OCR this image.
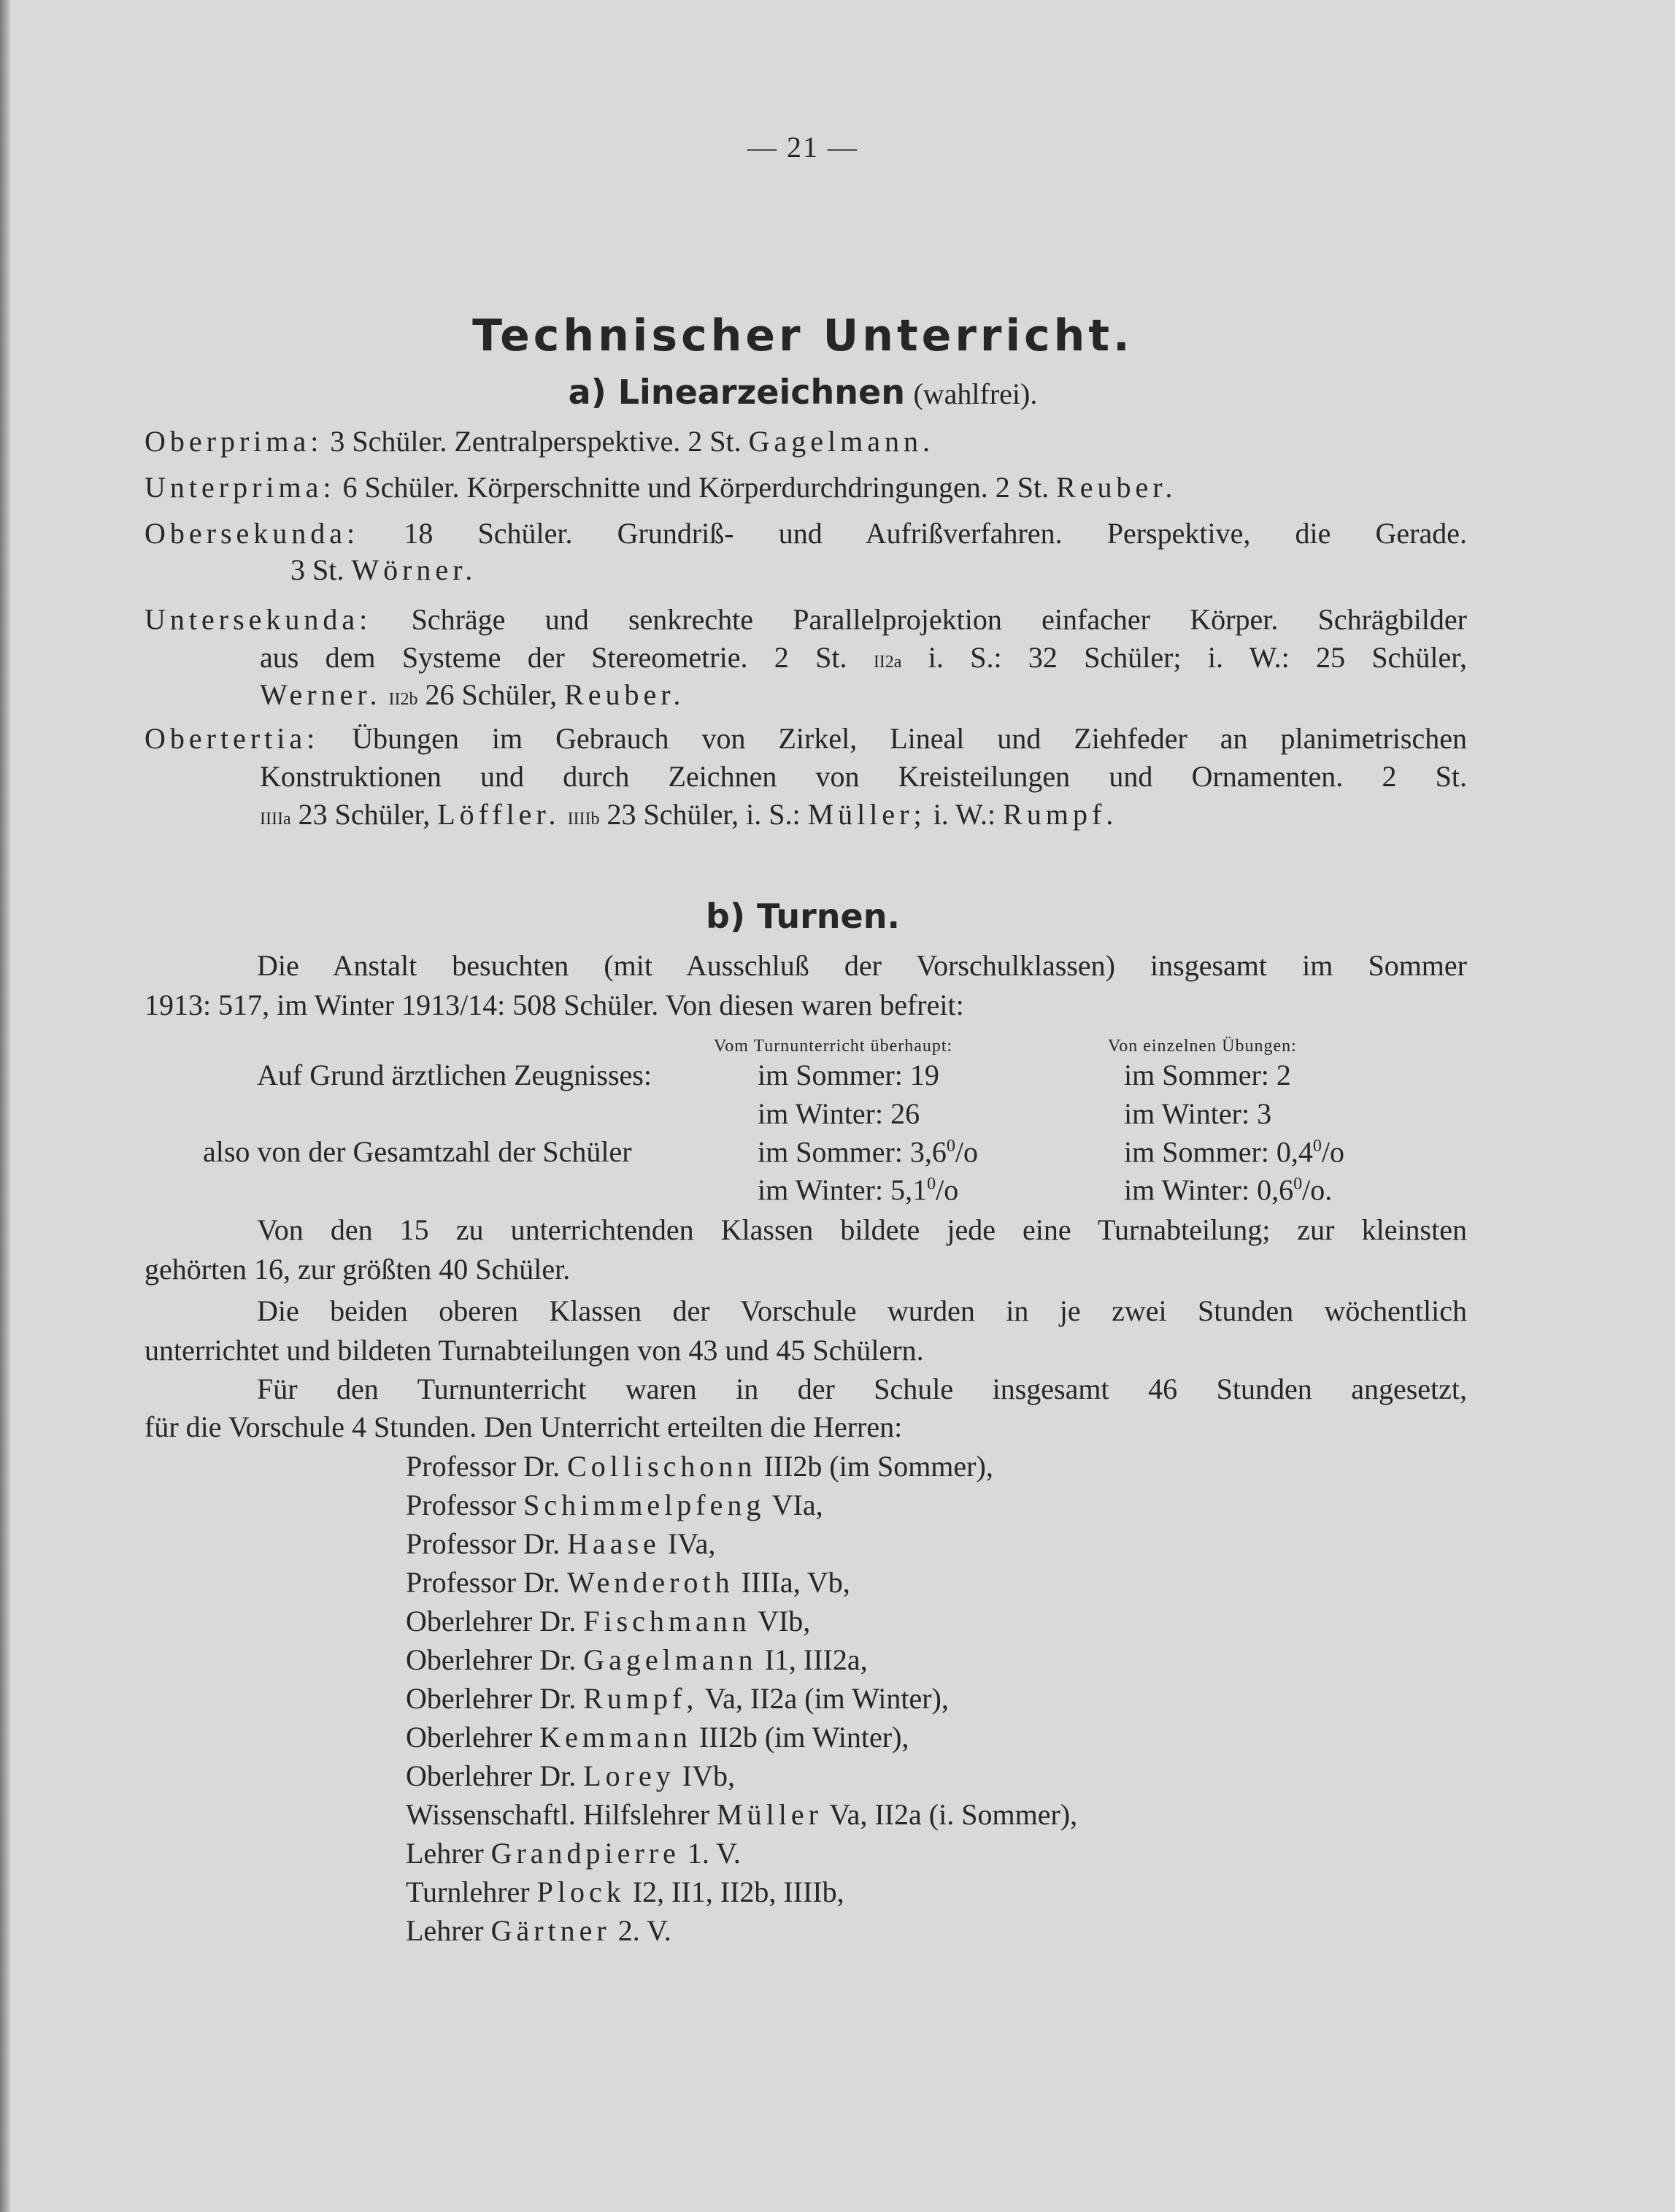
— 21 —
Technischer Unterricht.
a) Linearzeichnen (wahlfrei).
Oberprima: 3 Schüler. Zentralperspektive. 2 St. Gagelmann.
Unterprima: 6 Schüler. Körperschnitte und Körperdurchdringungen. 2 St. Reuber.
Obersekunda: 18 Schüler. Grundriß- und Aufrißverfahren. Perspektive, die Gerade.
3 St. Wörner.
Untersekunda: Schräge und senkrechte Parallelprojektion einfacher Körper. Schrägbilder
aus dem Systeme der Stereometrie. 2 St. II2a i. S.: 32 Schüler; i. W.: 25 Schüler,
Werner. II2b 26 Schüler, Reuber.
Obertertia: Übungen im Gebrauch von Zirkel, Lineal und Ziehfeder an planimetrischen
Konstruktionen und durch Zeichnen von Kreisteilungen und Ornamenten. 2 St.
IIIIa 23 Schüler, Löffler. IIIIb 23 Schüler, i. S.: Müller; i. W.: Rumpf.
b) Turnen.
Die Anstalt besuchten (mit Ausschluß der Vorschulklassen) insgesamt im Sommer
1913: 517, im Winter 1913/14: 508 Schüler. Von diesen waren befreit:
Vom Turnunterricht überhaupt:	Von einzelnen Übungen:
Auf Grund ärztlichen Zeugnisses:	im Sommer: 19	im Sommer: 2
im Winter: 26	im Winter: 3
also von der Gesamtzahl der Schüler	im Sommer: $3,6^0/o$	im Sommer: $0,4^0/o$
im Winter: $5,1^0/o$	im Winter: $0,6^0/o$.
Von den 15 zu unterrichtenden Klassen bildete jede eine Turnabteilung; zur kleinsten
gehörten 16, zur größten 40 Schüler.
Die beiden oberen Klassen der Vorschule wurden in je zwei Stunden wöchentlich
unterrichtet und bildeten Turnabteilungen von 43 und 45 Schülern.
Für den Turnunterricht waren in der Schule insgesamt 46 Stunden angesetzt,
für die Vorschule 4 Stunden. Den Unterricht erteilten die Herren:
Professor Dr. Collischonn III2b (im Sommer),
Professor Schimmelpfeng VIa,
Professor Dr. Haase IVa,
Professor Dr. Wenderoth IIIIa, Vb,
Oberlehrer Dr. Fischmann VIb,
Oberlehrer Dr. Gagelmann I1, III2a,
Oberlehrer Dr. Rumpf, Va, II2a (im Winter),
Oberlehrer Kemmann III2b (im Winter),
Oberlehrer Dr. Lorey IVb,
Wissenschaftl. Hilfslehrer Müller Va, II2a (i. Sommer),
Lehrer Grandpierre 1. V.
Turnlehrer Plock I2, II1, II2b, IIIIb,
Lehrer Gärtner 2. V.
